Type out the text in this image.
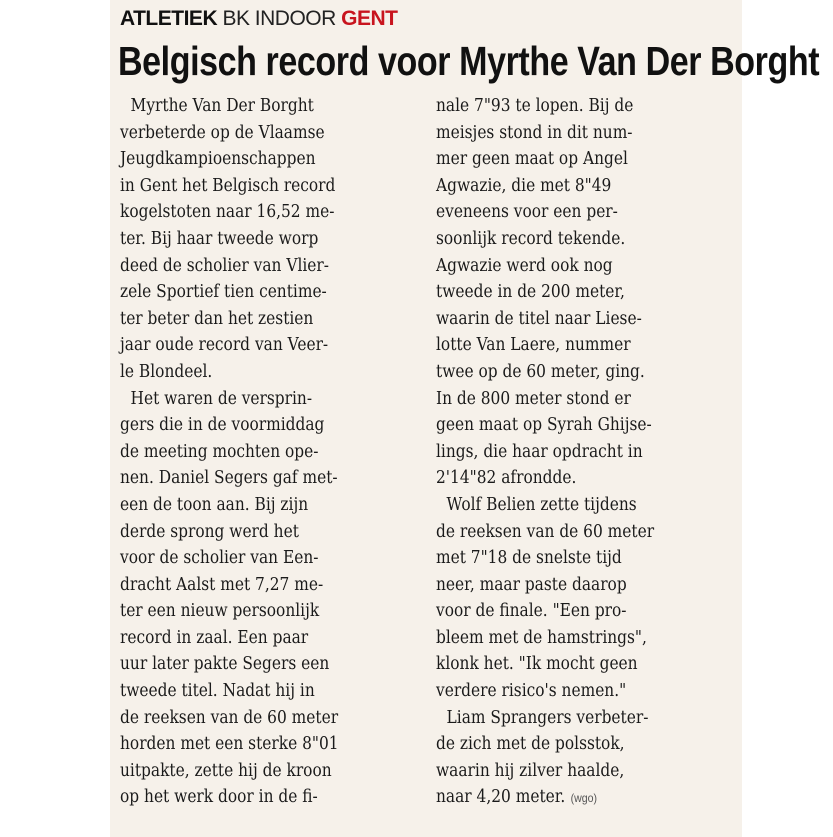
ATLETIEK BK INDOOR GENT
Belgisch record voor Myrthe Van Der Borght
Myrthe Van Der Borght
verbeterde op de Vlaamse
Jeugdkampioenschappen
in Gent het Belgisch record
kogelstoten naar 16,52 me-
ter. Bij haar tweede worp
deed de scholier van Vlier-
zele Sportief tien centime-
ter beter dan het zestien
jaar oude record van Veer-
le Blondeel.
Het waren de versprin-
gers die in de voormiddag
de meeting mochten ope-
nen. Daniel Segers gaf met-
een de toon aan. Bij zijn
derde sprong werd het
voor de scholier van Een-
dracht Aalst met 7,27 me-
ter een nieuw persoonlijk
record in zaal. Een paar
uur later pakte Segers een
tweede titel. Nadat hij in
de reeksen van de 60 meter
horden met een sterke 8"01
uitpakte, zette hij de kroon
op het werk door in de fi-
nale 7"93 te lopen. Bij de
meisjes stond in dit num-
mer geen maat op Angel
Agwazie, die met 8"49
eveneens voor een per-
soonlijk record tekende.
Agwazie werd ook nog
tweede in de 200 meter,
waarin de titel naar Liese-
lotte Van Laere, nummer
twee op de 60 meter, ging.
In de 800 meter stond er
geen maat op Syrah Ghijse-
lings, die haar opdracht in
2'14"82 afrondde.
Wolf Belien zette tijdens
de reeksen van de 60 meter
met 7"18 de snelste tijd
neer, maar paste daarop
voor de finale. "Een pro-
bleem met de hamstrings",
klonk het. "Ik mocht geen
verdere risico's nemen."
Liam Sprangers verbeter-
de zich met de polsstok,
waarin hij zilver haalde,
naar 4,20 meter. (wgo)
